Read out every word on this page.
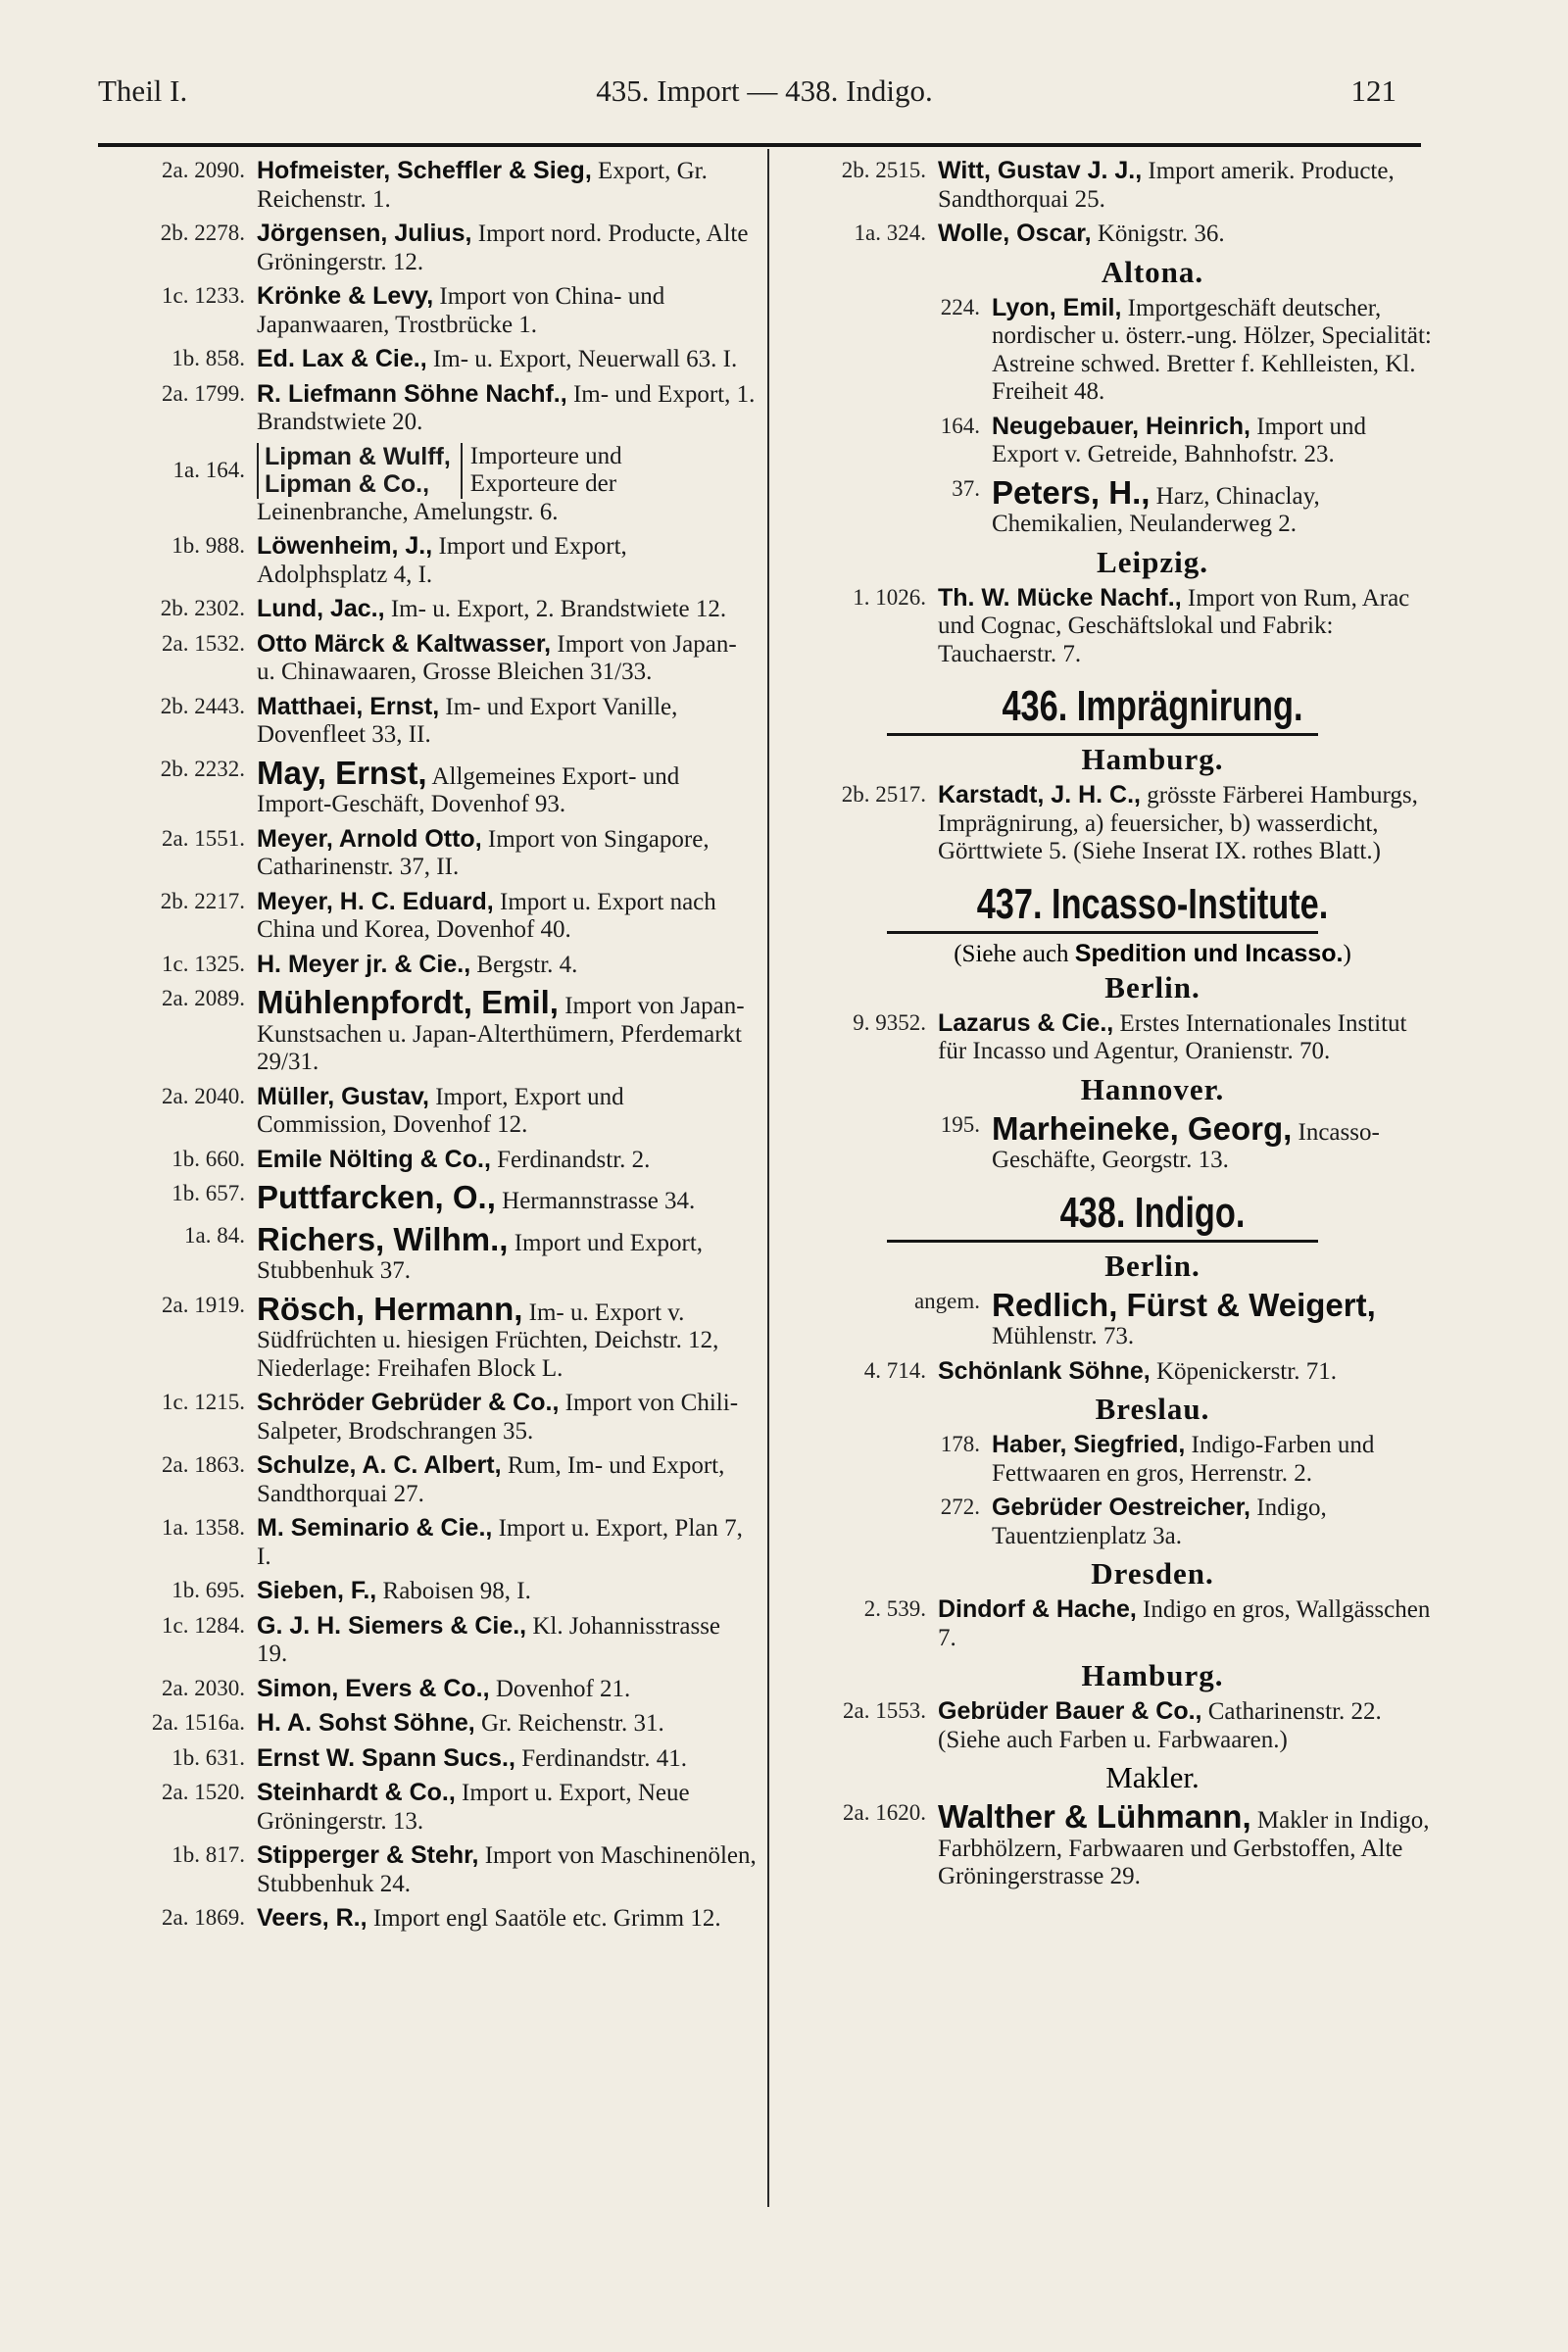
Theil I.	435. Import — 438. Indigo.	121
2a. 2090. Hofmeister, Scheffler & Sieg, Export, Gr. Reichenstr. 1.
2b. 2278. Jörgensen, Julius, Import nord. Producte, Alte Gröningerstr. 12.
1c. 1233. Krönke & Levy, Import von China- und Japanwaaren, Trostbrücke 1.
1b. 858. Ed. Lax & Cie., Im- u. Export, Neuerwall 63. I.
2a. 1799. R. Liefmann Söhne Nachf., Im- und Export, 1. Brandstwiete 20.
1a. 164. Lipman & Wulff,
Lipman & Co.,
Importeure und
Exporteure der
Leinenbranche, Amelungstr. 6.
1b. 988. Löwenheim, J., Import und Export, Adolphsplatz 4, I.
2b. 2302. Lund, Jac., Im- u. Export, 2. Brandstwiete 12.
2a. 1532. Otto Märck & Kaltwasser, Import von Japan- u. Chinawaaren, Grosse Bleichen 31/33.
2b. 2443. Matthaei, Ernst, Im- und Export Vanille, Dovenfleet 33, II.
2b. 2232. May, Ernst, Allgemeines Export- und Import-Geschäft, Dovenhof 93.
2a. 1551. Meyer, Arnold Otto, Import von Singapore, Catharinenstr. 37, II.
2b. 2217. Meyer, H. C. Eduard, Import u. Export nach China und Korea, Dovenhof 40.
1c. 1325. H. Meyer jr. & Cie., Bergstr. 4.
2a. 2089. Mühlenpfordt, Emil, Import von Japan-Kunstsachen u. Japan-Alterthümern, Pferdemarkt 29/31.
2a. 2040. Müller, Gustav, Import, Export und Commission, Dovenhof 12.
1b. 660. Emile Nölting & Co., Ferdinandstr. 2.
1b. 657. Puttfarcken, O., Hermannstrasse 34.
1a. 84. Richers, Wilhm., Import und Export, Stubbenhuk 37.
2a. 1919. Rösch, Hermann, Im- u. Export v. Südfrüchten u. hiesigen Früchten, Deichstr. 12, Niederlage: Freihafen Block L.
1c. 1215. Schröder Gebrüder & Co., Import von Chili-Salpeter, Brodschrangen 35.
2a. 1863. Schulze, A. C. Albert, Rum, Im- und Export, Sandthorquai 27.
1a. 1358. M. Seminario & Cie., Import u. Export, Plan 7, I.
1b. 695. Sieben, F., Raboisen 98, I.
1c. 1284. G. J. H. Siemers & Cie., Kl. Johannisstrasse 19.
2a. 2030. Simon, Evers & Co., Dovenhof 21.
2a. 1516a. H. A. Sohst Söhne, Gr. Reichenstr. 31.
1b. 631. Ernst W. Spann Sucs., Ferdinandstr. 41.
2a. 1520. Steinhardt & Co., Import u. Export, Neue Gröningerstr. 13.
1b. 817. Stipperger & Stehr, Import von Maschinenölen, Stubbenhuk 24.
2a. 1869. Veers, R., Import engl Saatöle etc. Grimm 12.
2b. 2515. Witt, Gustav J. J., Import amerik. Producte, Sandthorquai 25.
1a. 324. Wolle, Oscar, Königstr. 36.
Altona.
224. Lyon, Emil, Importgeschäft deutscher, nordischer u. österr.-ung. Hölzer, Specialität: Astreine schwed. Bretter f. Kehlleisten, Kl. Freiheit 48.
164. Neugebauer, Heinrich, Import und Export v. Getreide, Bahnhofstr. 23.
37. Peters, H., Harz, Chinaclay, Chemikalien, Neulanderweg 2.
Leipzig.
1. 1026. Th. W. Mücke Nachf., Import von Rum, Arac und Cognac, Geschäftslokal und Fabrik: Tauchaerstr. 7.
436. Imprägnirung.
Hamburg.
2b. 2517. Karstadt, J. H. C., grösste Färberei Hamburgs, Imprägnirung, a) feuersicher, b) wasserdicht, Görttwiete 5. (Siehe Inserat IX. rothes Blatt.)
437. Incasso-Institute.
(Siehe auch Spedition und Incasso.)
Berlin.
9. 9352. Lazarus & Cie., Erstes Internationales Institut für Incasso und Agentur, Oranienstr. 70.
Hannover.
195. Marheineke, Georg, Incasso-Geschäfte, Georgstr. 13.
438. Indigo.
Berlin.
angem. Redlich, Fürst & Weigert, Mühlenstr. 73.
4. 714. Schönlank Söhne, Köpenickerstr. 71.
Breslau.
178. Haber, Siegfried, Indigo-Farben und Fettwaaren en gros, Herrenstr. 2.
272. Gebrüder Oestreicher, Indigo, Tauentzienplatz 3a.
Dresden.
2. 539. Dindorf & Hache, Indigo en gros, Wallgässchen 7.
Hamburg.
2a. 1553. Gebrüder Bauer & Co., Catharinenstr. 22. (Siehe auch Farben u. Farbwaaren.)
Makler.
2a. 1620. Walther & Lühmann, Makler in Indigo, Farbhölzern, Farbwaaren und Gerbstoffen, Alte Gröningerstrasse 29.
